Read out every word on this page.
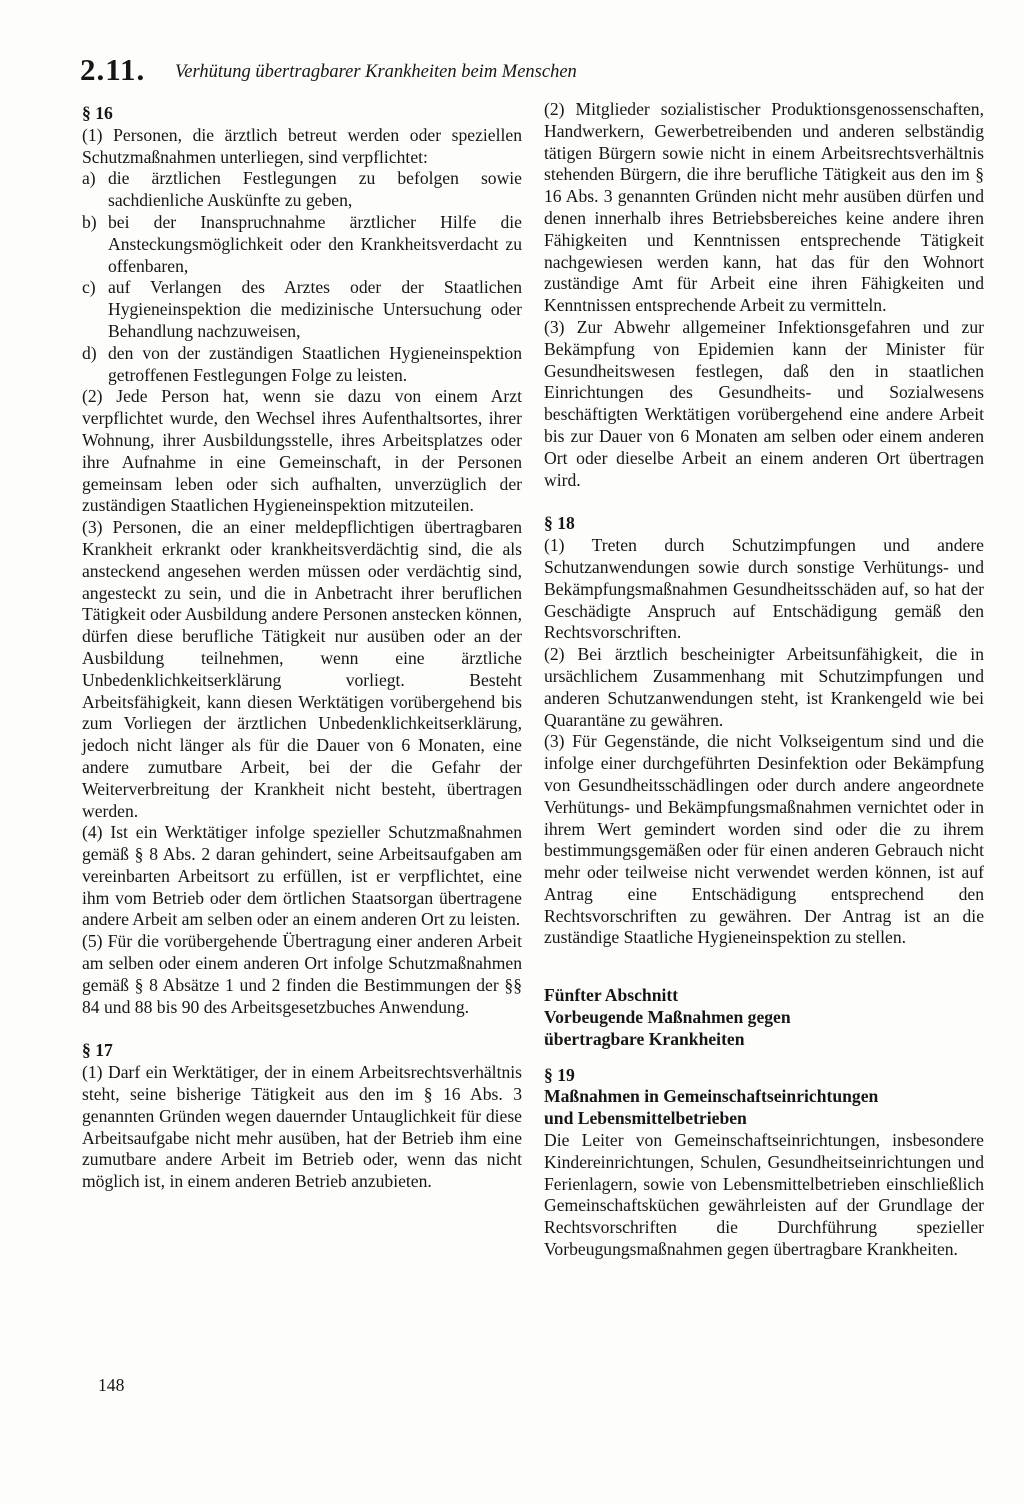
2.11. Verhütung übertragbarer Krankheiten beim Menschen

§ 16

(1) Personen, die ärztlich betreut werden oder speziellen Schutzmaßnahmen unterliegen, sind verpflichtet:

a) die ärztlichen Festlegungen zu befolgen sowie sachdienliche Auskünfte zu geben,
b) bei der Inanspruchnahme ärztlicher Hilfe die Ansteckungsmöglichkeit oder den Krankheitsverdacht zu offenbaren,
c) auf Verlangen des Arztes oder der Staatlichen Hygieneinspektion die medizinische Untersuchung oder Behandlung nachzuweisen,
d) den von der zuständigen Staatlichen Hygieneinspektion getroffenen Festlegungen Folge zu leisten.

(2) Jede Person hat, wenn sie dazu von einem Arzt verpflichtet wurde, den Wechsel ihres Aufenthaltsortes, ihrer Wohnung, ihrer Ausbildungsstelle, ihres Arbeitsplatzes oder ihre Aufnahme in eine Gemeinschaft, in der Personen gemeinsam leben oder sich aufhalten, unverzüglich der zuständigen Staatlichen Hygieneinspektion mitzuteilen.

(3) Personen, die an einer meldepflichtigen übertragbaren Krankheit erkrankt oder krankheitsverdächtig sind, die als ansteckend angesehen werden müssen oder verdächtig sind, angesteckt zu sein, und die in Anbetracht ihrer beruflichen Tätigkeit oder Ausbildung andere Personen anstecken können, dürfen diese berufliche Tätigkeit nur ausüben oder an der Ausbildung teilnehmen, wenn eine ärztliche Unbedenklichkeitserklärung vorliegt. Besteht Arbeitsfähigkeit, kann diesen Werktätigen vorübergehend bis zum Vorliegen der ärztlichen Unbedenklichkeitserklärung, jedoch nicht länger als für die Dauer von 6 Monaten, eine andere zumutbare Arbeit, bei der die Gefahr der Weiterverbreitung der Krankheit nicht besteht, übertragen werden.

(4) Ist ein Werktätiger infolge spezieller Schutzmaßnahmen gemäß § 8 Abs. 2 daran gehindert, seine Arbeitsaufgaben am vereinbarten Arbeitsort zu erfüllen, ist er verpflichtet, eine ihm vom Betrieb oder dem örtlichen Staatsorgan übertragene andere Arbeit am selben oder an einem anderen Ort zu leisten.

(5) Für die vorübergehende Übertragung einer anderen Arbeit am selben oder einem anderen Ort infolge Schutzmaßnahmen gemäß § 8 Absätze 1 und 2 finden die Bestimmungen der §§ 84 und 88 bis 90 des Arbeitsgesetzbuches Anwendung.

§ 17

(1) Darf ein Werktätiger, der in einem Arbeitsrechtsverhältnis steht, seine bisherige Tätigkeit aus den im § 16 Abs. 3 genannten Gründen wegen dauernder Untauglichkeit für diese Arbeitsaufgabe nicht mehr ausüben, hat der Betrieb ihm eine zumutbare andere Arbeit im Betrieb oder, wenn das nicht möglich ist, in einem anderen Betrieb anzubieten.

(2) Mitglieder sozialistischer Produktionsgenossenschaften, Handwerkern, Gewerbetreibenden und anderen selbständig tätigen Bürgern sowie nicht in einem Arbeitsrechtsverhältnis stehenden Bürgern, die ihre berufliche Tätigkeit aus den im § 16 Abs. 3 genannten Gründen nicht mehr ausüben dürfen und denen innerhalb ihres Betriebsbereiches keine andere ihren Fähigkeiten und Kenntnissen entsprechende Tätigkeit nachgewiesen werden kann, hat das für den Wohnort zuständige Amt für Arbeit eine ihren Fähigkeiten und Kenntnissen entsprechende Arbeit zu vermitteln.

(3) Zur Abwehr allgemeiner Infektionsgefahren und zur Bekämpfung von Epidemien kann der Minister für Gesundheitswesen festlegen, daß den in staatlichen Einrichtungen des Gesundheits- und Sozialwesens beschäftigten Werktätigen vorübergehend eine andere Arbeit bis zur Dauer von 6 Monaten am selben oder einem anderen Ort oder dieselbe Arbeit an einem anderen Ort übertragen wird.

§ 18

(1) Treten durch Schutzimpfungen und andere Schutzanwendungen sowie durch sonstige Verhütungs- und Bekämpfungsmaßnahmen Gesundheitsschäden auf, so hat der Geschädigte Anspruch auf Entschädigung gemäß den Rechtsvorschriften.

(2) Bei ärztlich bescheinigter Arbeitsunfähigkeit, die in ursächlichem Zusammenhang mit Schutzimpfungen und anderen Schutzanwendungen steht, ist Krankengeld wie bei Quarantäne zu gewähren.

(3) Für Gegenstände, die nicht Volkseigentum sind und die infolge einer durchgeführten Desinfektion oder Bekämpfung von Gesundheitsschädlingen oder durch andere angeordnete Verhütungs- und Bekämpfungsmaßnahmen vernichtet oder in ihrem Wert gemindert worden sind oder die zu ihrem bestimmungsgemäßen oder für einen anderen Gebrauch nicht mehr oder teilweise nicht verwendet werden können, ist auf Antrag eine Entschädigung entsprechend den Rechtsvorschriften zu gewähren. Der Antrag ist an die zuständige Staatliche Hygieneinspektion zu stellen.

Fünfter Abschnitt

Vorbeugende Maßnahmen gegen

übertragbare Krankheiten

§ 19

Maßnahmen in Gemeinschaftseinrichtungen

und Lebensmittelbetrieben

Die Leiter von Gemeinschaftseinrichtungen, insbesondere Kindereinrichtungen, Schulen, Gesundheitseinrichtungen und Ferienlagern, sowie von Lebensmittelbetrieben einschließlich Gemeinschaftsküchen gewährleisten auf der Grundlage der Rechtsvorschriften die Durchführung spezieller Vorbeugungsmaßnahmen gegen übertragbare Krankheiten.

148
